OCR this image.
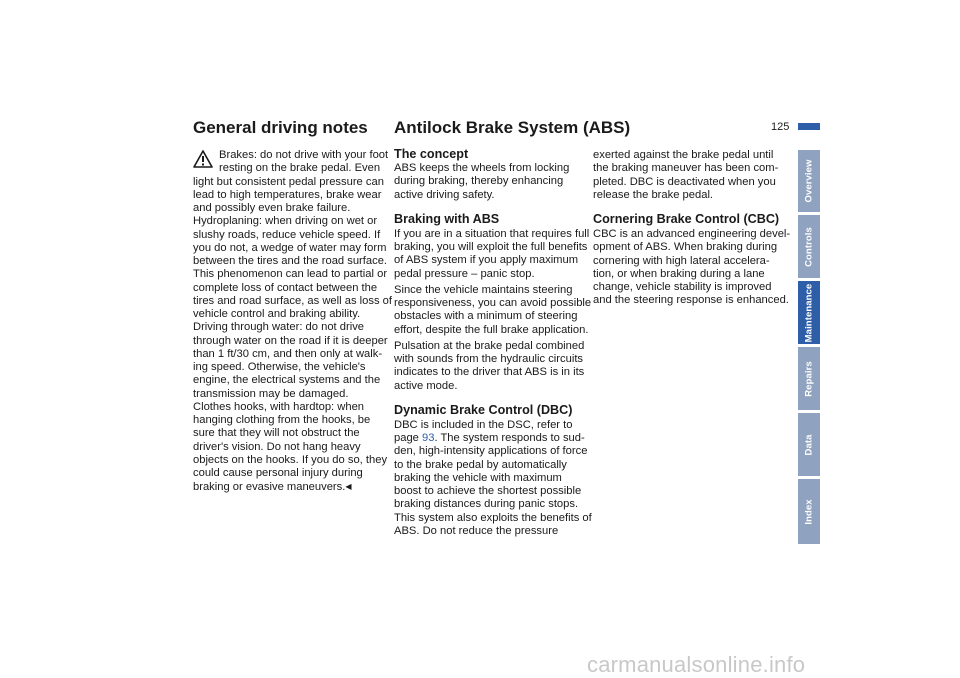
125
General driving notes Antilock Brake System (ABS)
Brakes: do not drive with your foot
resting on the brake pedal. Even
light but consistent pedal pressure can
lead to high temperatures, brake wear
and possibly even brake failure.
Hydroplaning: when driving on wet or
slushy roads, reduce vehicle speed. If
you do not, a wedge of water may form
between the tires and the road surface.
This phenomenon can lead to partial or
complete loss of contact between the
tires and road surface, as well as loss of
vehicle control and braking ability.
Driving through water: do not drive
through water on the road if it is deeper
than 1 ft/30 cm, and then only at walk-
ing speed. Otherwise, the vehicle's
engine, the electrical systems and the
transmission may be damaged.
Clothes hooks, with hardtop: when
hanging clothing from the hooks, be
sure that they will not obstruct the
driver's vision. Do not hang heavy
objects on the hooks. If you do so, they
could cause personal injury during
braking or evasive maneuvers.◀
The concept
ABS keeps the wheels from locking
during braking, thereby enhancing
active driving safety.
Braking with ABS
If you are in a situation that requires full
braking, you will exploit the full benefits
of ABS system if you apply maximum
pedal pressure – panic stop.
Since the vehicle maintains steering
responsiveness, you can avoid possible
obstacles with a minimum of steering
effort, despite the full brake application.
Pulsation at the brake pedal combined
with sounds from the hydraulic circuits
indicates to the driver that ABS is in its
active mode.
Dynamic Brake Control (DBC)
DBC is included in the DSC, refer to
page 93. The system responds to sud-
den, high-intensity applications of force
to the brake pedal by automatically
braking the vehicle with maximum
boost to achieve the shortest possible
braking distances during panic stops.
This system also exploits the benefits of
ABS. Do not reduce the pressure
exerted against the brake pedal until
the braking maneuver has been com-
pleted. DBC is deactivated when you
release the brake pedal.
Cornering Brake Control (CBC)
CBC is an advanced engineering devel-
opment of ABS. When braking during
cornering with high lateral accelera-
tion, or when braking during a lane
change, vehicle stability is improved
and the steering response is enhanced.
Overview
Controls
Maintenance
Repairs
Data
Index
carmanualsonline.info
